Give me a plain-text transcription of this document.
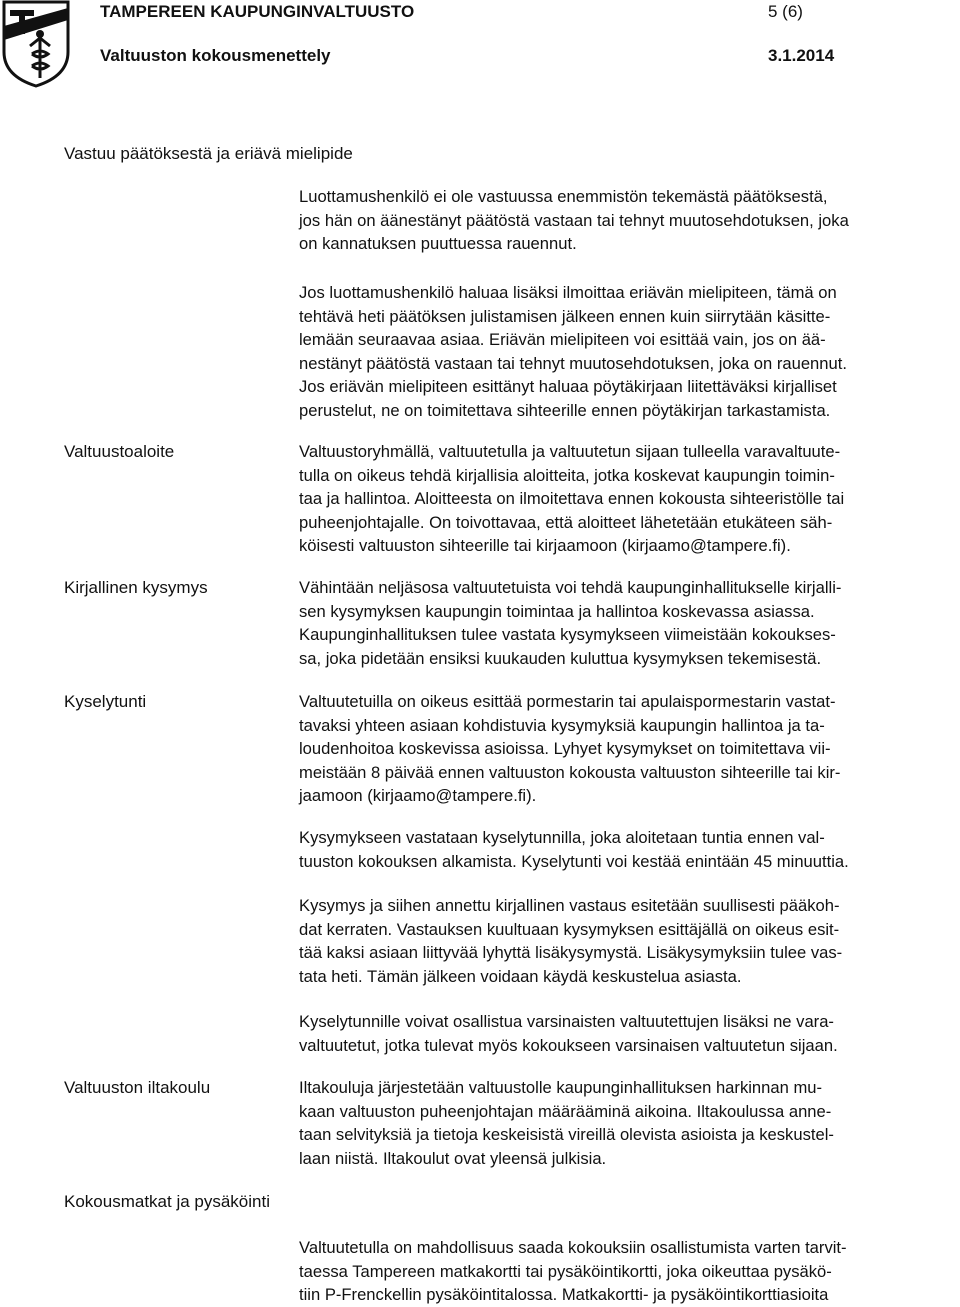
TAMPEREEN KAUPUNGINVALTUUSTO	5 (6)
Valtuuston kokousmenettely	3.1.2014
Vastuu päätöksestä ja eriävä mielipide
Luottamushenkilö ei ole vastuussa enemmistön tekemästä päätöksestä,
jos hän on äänestänyt päätöstä vastaan tai tehnyt muutosehdotuksen, joka
on kannatuksen puuttuessa rauennut.
Jos luottamushenkilö haluaa lisäksi ilmoittaa eriävän mielipiteen, tämä on
tehtävä heti päätöksen julistamisen jälkeen ennen kuin siirrytään käsitte-
lemään seuraavaa asiaa. Eriävän mielipiteen voi esittää vain, jos on ää-
nestänyt päätöstä vastaan tai tehnyt muutosehdotuksen, joka on rauennut.
Jos eriävän mielipiteen esittänyt haluaa pöytäkirjaan liitettäväksi kirjalliset
perustelut, ne on toimitettava sihteerille ennen pöytäkirjan tarkastamista.
Valtuustoaloite	Valtuustoryhmällä, valtuutetulla ja valtuutetun sijaan tulleella varavaltuute-
tulla on oikeus tehdä kirjallisia aloitteita, jotka koskevat kaupungin toimin-
taa ja hallintoa. Aloitteesta on ilmoitettava ennen kokousta sihteeristölle tai
puheenjohtajalle. On toivottavaa, että aloitteet lähetetään etukäteen säh-
köisesti valtuuston sihteerille tai kirjaamoon (kirjaamo@tampere.fi).
Kirjallinen kysymys	Vähintään neljäsosa valtuutetuista voi tehdä kaupunginhallitukselle kirjalli-
sen kysymyksen kaupungin toimintaa ja hallintoa koskevassa asiassa.
Kaupunginhallituksen tulee vastata kysymykseen viimeistään kokoukses-
sa, joka pidetään ensiksi kuukauden kuluttua kysymyksen tekemisestä.
Kyselytunti	Valtuutetuilla on oikeus esittää pormestarin tai apulaispormestarin vastat-
tavaksi yhteen asiaan kohdistuvia kysymyksiä kaupungin hallintoa ja ta-
loudenhoitoa koskevissa asioissa. Lyhyet kysymykset on toimitettava vii-
meistään 8 päivää ennen valtuuston kokousta valtuuston sihteerille tai kir-
jaamoon (kirjaamo@tampere.fi).
Kysymykseen vastataan kyselytunnilla, joka aloitetaan tuntia ennen val-
tuuston kokouksen alkamista. Kyselytunti voi kestää enintään 45 minuuttia.
Kysymys ja siihen annettu kirjallinen vastaus esitetään suullisesti pääkoh-
dat kerraten. Vastauksen kuultuaan kysymyksen esittäjällä on oikeus esit-
tää kaksi asiaan liittyvää lyhyttä lisäkysymystä. Lisäkysymyksiin tulee vas-
tata heti. Tämän jälkeen voidaan käydä keskustelua asiasta.
Kyselytunnille voivat osallistua varsinaisten valtuutettujen lisäksi ne vara-
valtuutetut, jotka tulevat myös kokoukseen varsinaisen valtuutetun sijaan.
Valtuuston iltakoulu	Iltakouluja järjestetään valtuustolle kaupunginhallituksen harkinnan mu-
kaan valtuuston puheenjohtajan määrääminä aikoina. Iltakoulussa anne-
taan selvityksiä ja tietoja keskeisistä vireillä olevista asioista ja keskustel-
laan niistä. Iltakoulut ovat yleensä julkisia.
Kokousmatkat ja pysäköinti
Valtuutetulla on mahdollisuus saada kokouksiin osallistumista varten tarvit-
taessa Tampereen matkakortti tai pysäköintikortti, joka oikeuttaa pysäkö-
tiin P-Frenckellin pysäköintitalossa. Matkakortti- ja pysäköintikorttiasioita
